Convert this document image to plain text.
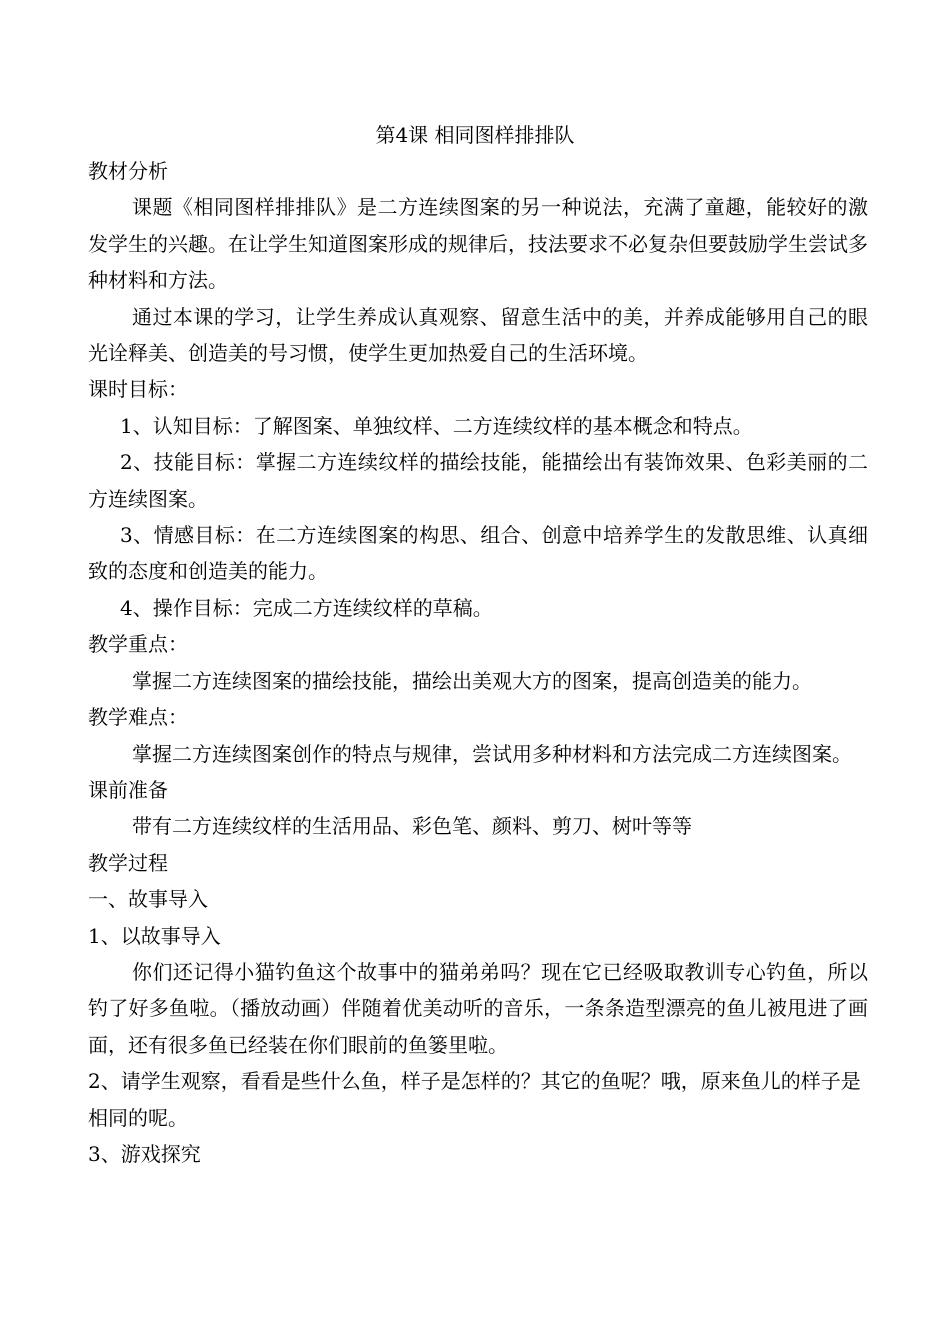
第4课 相同图样排排队

教材分析

课题《相同图样排排队》是二方连续图案的另一种说法，充满了童趣，能较好的激发学生的兴趣。在让学生知道图案形成的规律后，技法要求不必复杂但要鼓励学生尝试多种材料和方法。

通过本课的学习，让学生养成认真观察、留意生活中的美，并养成能够用自己的眼光诠释美、创造美的号习惯，使学生更加热爱自己的生活环境。

课时目标：

1、认知目标：了解图案、单独纹样、二方连续纹样的基本概念和特点。

2、技能目标：掌握二方连续纹样的描绘技能，能描绘出有装饰效果、色彩美丽的二方连续图案。

3、情感目标：在二方连续图案的构思、组合、创意中培养学生的发散思维、认真细致的态度和创造美的能力。

4、操作目标：完成二方连续纹样的草稿。

教学重点：

掌握二方连续图案的描绘技能，描绘出美观大方的图案，提高创造美的能力。

教学难点：

掌握二方连续图案创作的特点与规律，尝试用多种材料和方法完成二方连续图案。

课前准备

带有二方连续纹样的生活用品、彩色笔、颜料、剪刀、树叶等等

教学过程

一、故事导入

1、以故事导入

你们还记得小猫钓鱼这个故事中的猫弟弟吗？现在它已经吸取教训专心钓鱼，所以钓了好多鱼啦。（播放动画）伴随着优美动听的音乐，一条条造型漂亮的鱼儿被甩进了画面，还有很多鱼已经装在你们眼前的鱼篓里啦。

2、请学生观察，看看是些什么鱼，样子是怎样的？其它的鱼呢？哦，原来鱼儿的样子是相同的呢。

3、游戏探究
